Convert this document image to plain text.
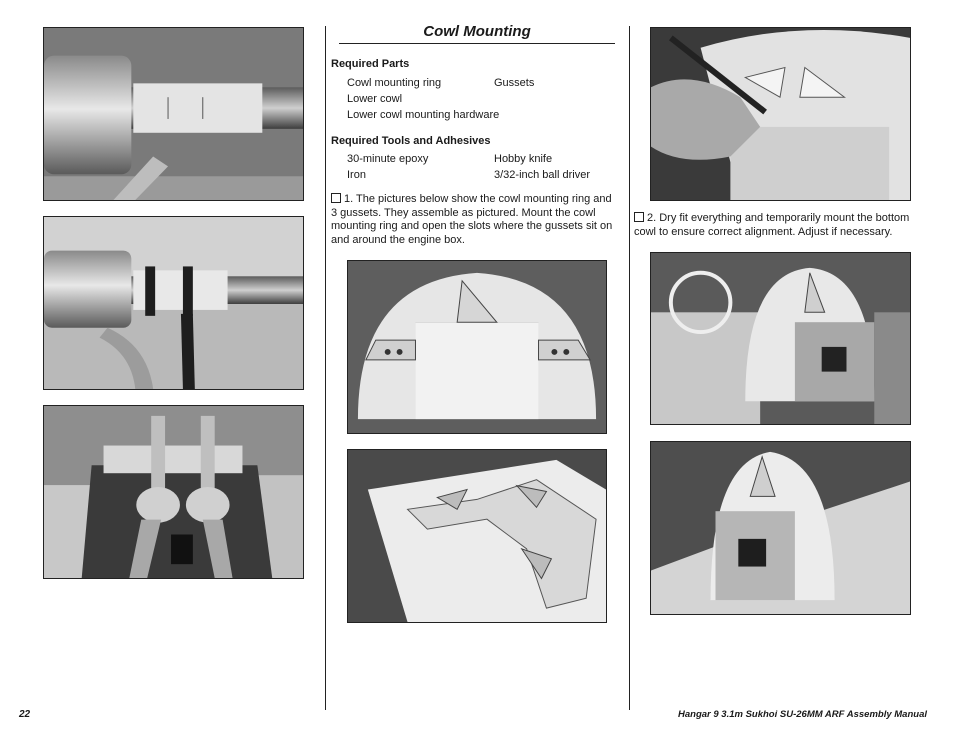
Cowl Mounting
Required Parts
Cowl mounting ring	Gussets
Lower cowl
Lower cowl mounting hardware
Required Tools and Adhesives
30-minute epoxy	Hobby knife
Iron	3/32-inch ball driver
1. The pictures below show the cowl mounting ring and 3 gussets. They assemble as pictured. Mount the cowl mounting ring and open the slots where the gussets sit on and around the engine box.
2. Dry fit everything and temporarily mount the bottom cowl to ensure correct alignment. Adjust if necessary.
22	Hangar 9 3.1m Sukhoi SU-26MM ARF Assembly Manual
